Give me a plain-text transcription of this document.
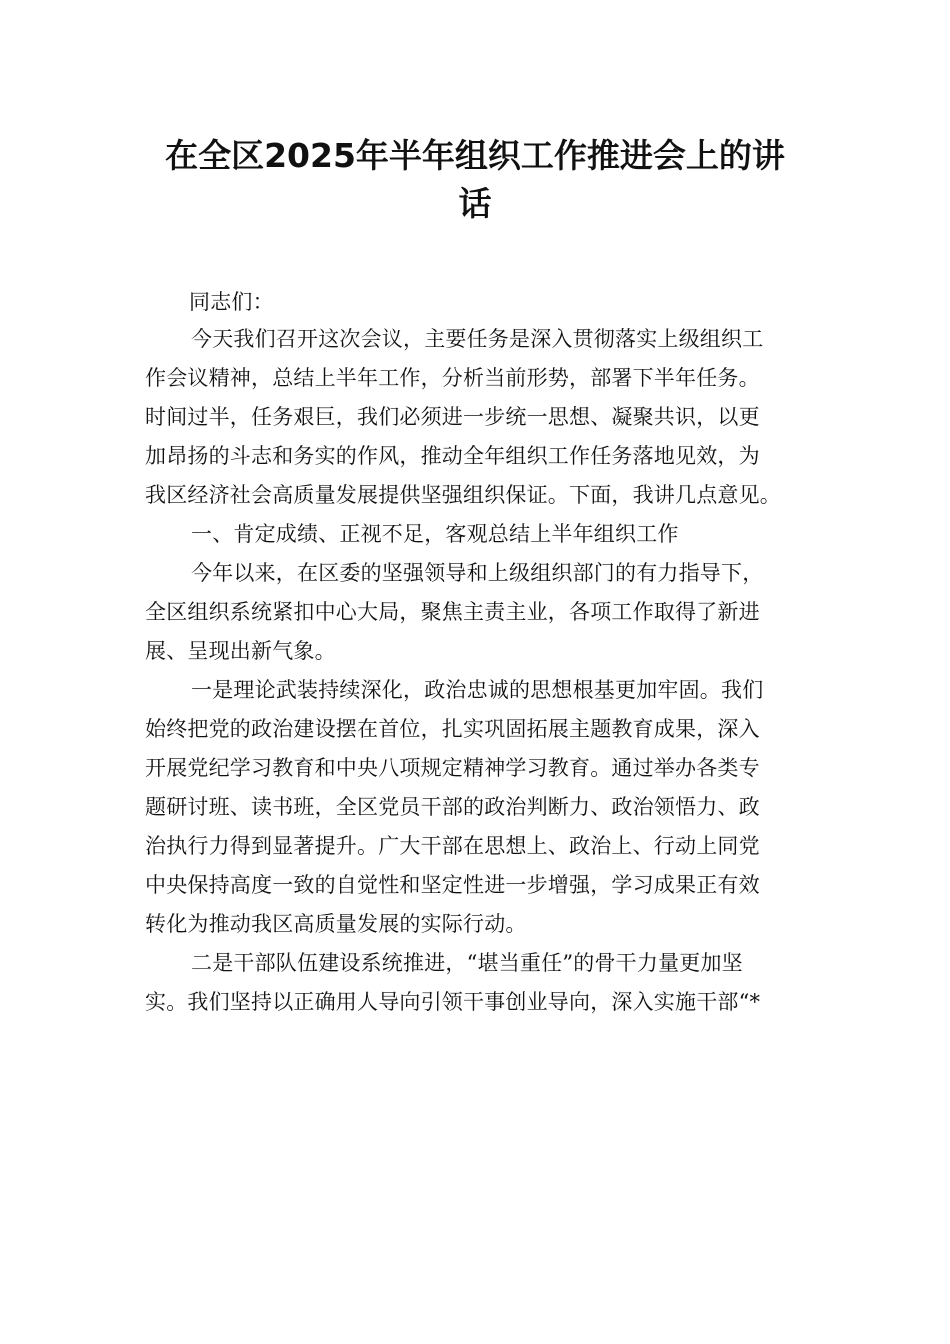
在全区2025年半年组织工作推进会上的讲
话
同志们：
今天我们召开这次会议，主要任务是深入贯彻落实上级组织工
作会议精神，总结上半年工作，分析当前形势，部署下半年任务。
时间过半，任务艰巨，我们必须进一步统一思想、凝聚共识，以更
加昂扬的斗志和务实的作风，推动全年组织工作任务落地见效，为
我区经济社会高质量发展提供坚强组织保证。下面，我讲几点意见。
一、肯定成绩、正视不足，客观总结上半年组织工作
今年以来，在区委的坚强领导和上级组织部门的有力指导下，
全区组织系统紧扣中心大局，聚焦主责主业，各项工作取得了新进
展、呈现出新气象。
一是理论武装持续深化，政治忠诚的思想根基更加牢固。我们
始终把党的政治建设摆在首位，扎实巩固拓展主题教育成果，深入
开展党纪学习教育和中央八项规定精神学习教育。通过举办各类专
题研讨班、读书班，全区党员干部的政治判断力、政治领悟力、政
治执行力得到显著提升。广大干部在思想上、政治上、行动上同党
中央保持高度一致的自觉性和坚定性进一步增强，学习成果正有效
转化为推动我区高质量发展的实际行动。
二是干部队伍建设系统推进，“堪当重任”的骨干力量更加坚
实。我们坚持以正确用人导向引领干事创业导向，深入实施干部“*
